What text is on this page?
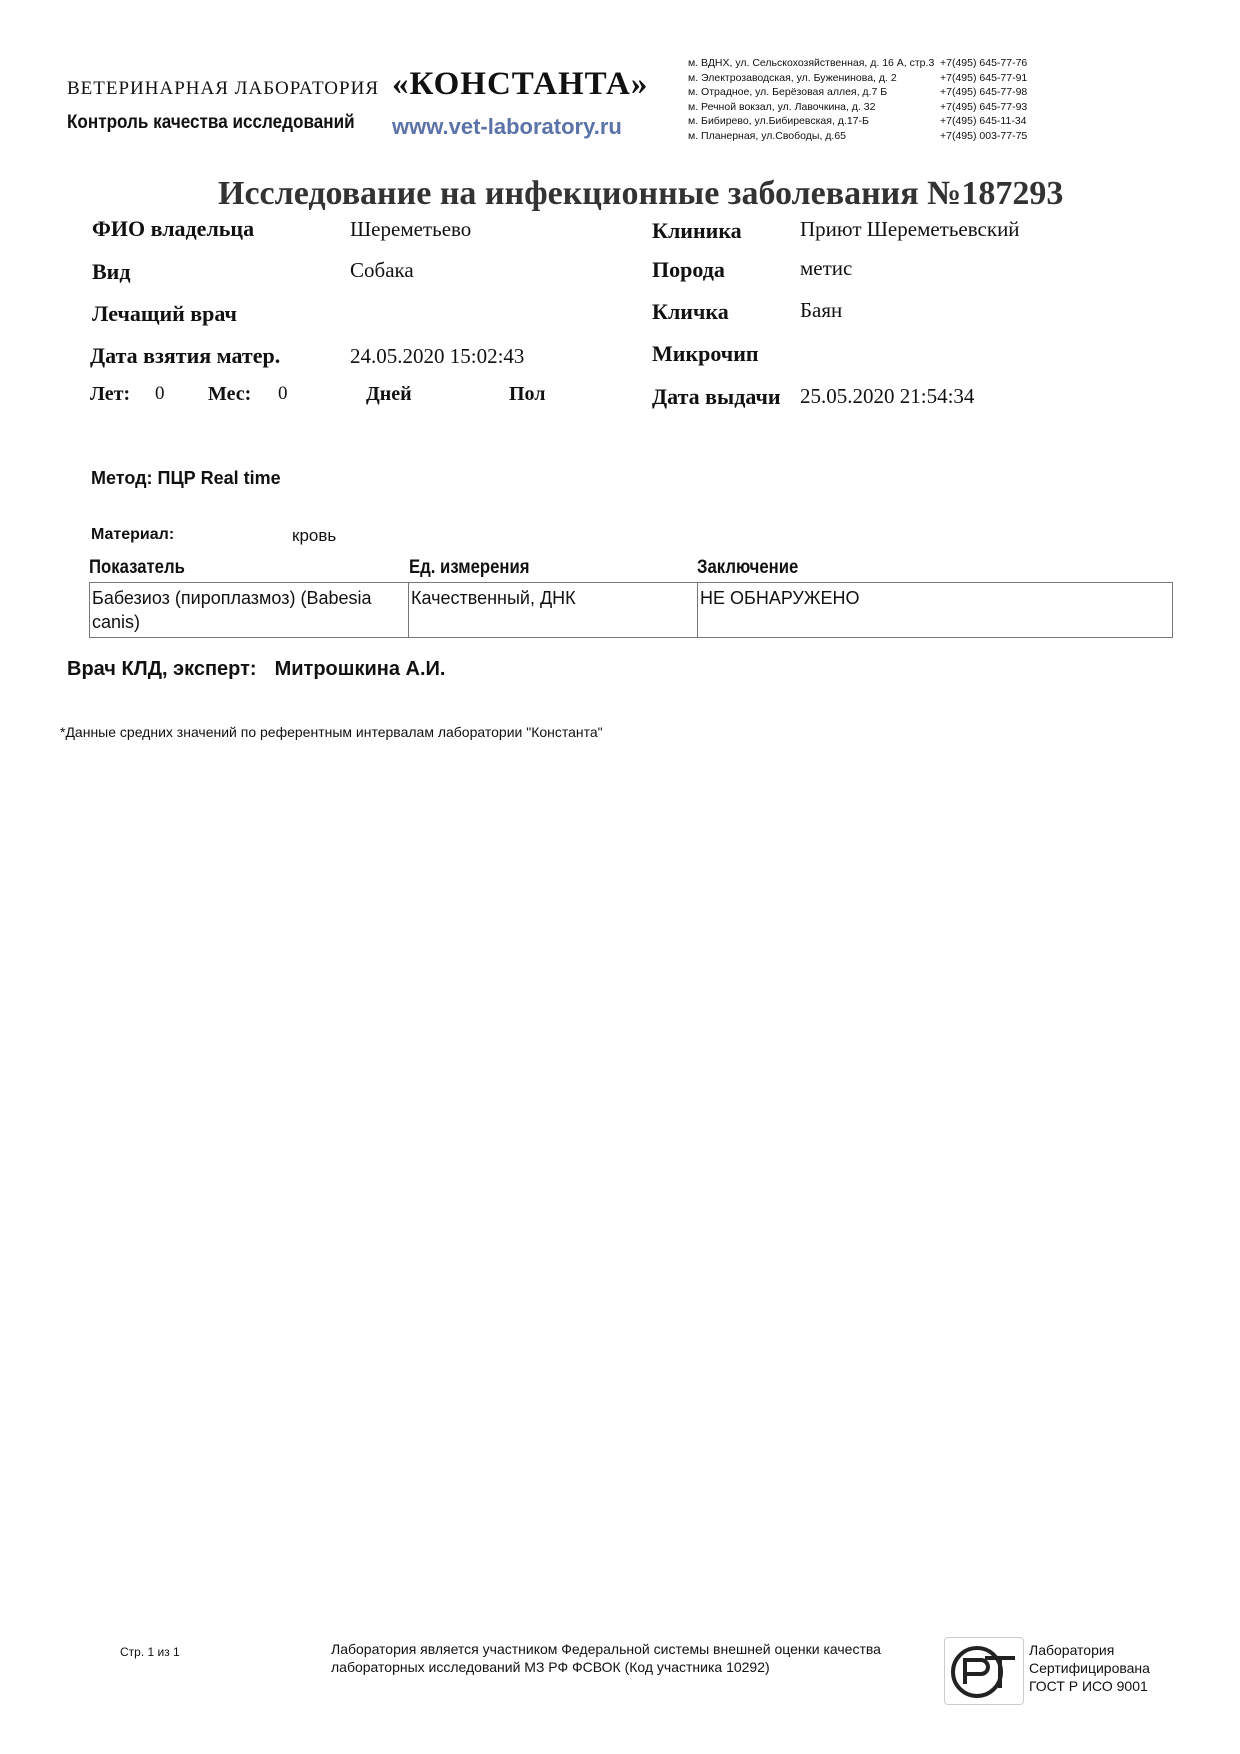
ВЕТЕРИНАРНАЯ ЛАБОРАТОРИЯ «КОНСТАНТА»
Контроль качества исследований www.vet-laboratory.ru
м. ВДНХ, ул. Сельскохозяйственная, д. 16 А, стр.3 +7(495) 645-77-76
м. Электрозаводская, ул. Буженинова, д. 2	+7(495) 645-77-91
м. Отрадное, ул. Берёзовая аллея, д.7 Б	+7(495) 645-77-98
м. Речной вокзал, ул. Лавочкина, д. 32	+7(495) 645-77-93
м. Бибирево, ул.Бибиревская, д.17-Б	+7(495) 645-11-34
м. Планерная, ул.Свободы, д.65	+7(495) 003-77-75
Исследование на инфекционные заболевания №187293
ФИО владельца	Шереметьево
Вид	Собака
Лечащий врач
Дата взятия матер.	24.05.2020 15:02:43
Лет: 0 Мес: 0	Дней	Пол
Клиника	Приют Шереметьевский
Порода	метис
Кличка	Баян
Микрочип
Дата выдачи 25.05.2020 21:54:34
Метод: ПЦР Real time
Материал:	кровь
Показатель	Ед. измерения	Заключение
Бабезиоз (пироплазмоз) (Babesia canis)	Качественный, ДНК	НЕ ОБНАРУЖЕНО
Врач КЛД, эксперт: Митрошкина А.И.
*Данные средних значений по референтным интервалам лаборатории "Константа"
Стр. 1 из 1	Лаборатория является участником Федеральной системы внешней оценки качества лабораторных исследований МЗ РФ ФСВОК (Код участника 10292)
Лаборатория
Сертифицирована
ГОСТ Р ИСО 9001
